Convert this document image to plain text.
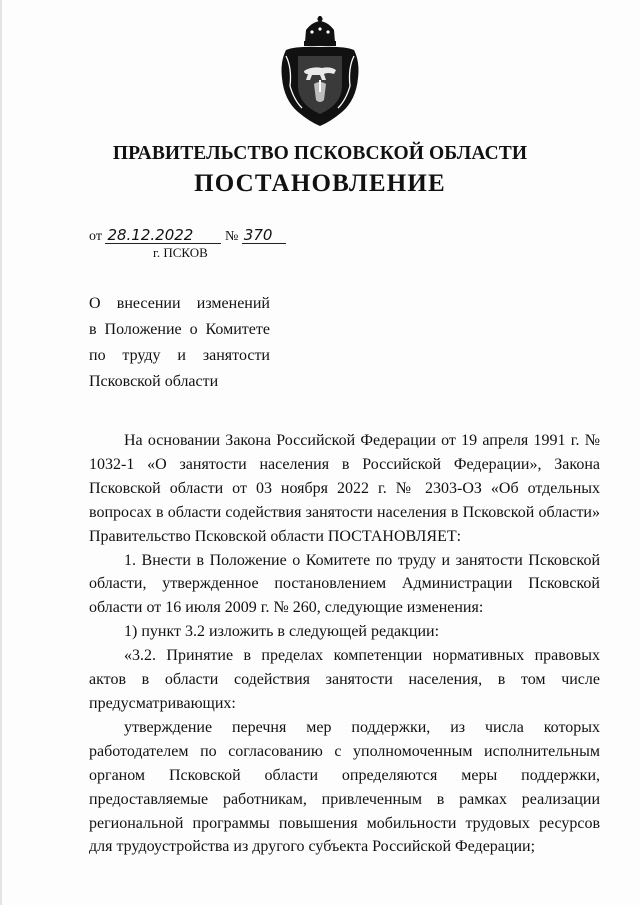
ПРАВИТЕЛЬСТВО ПСКОВСКОЙ ОБЛАСТИ
ПОСТАНОВЛЕНИЕ
от 28.12.2022 № 370
г. ПСКОВ

О внесении изменений

в Положение о Комитете

по труду и занятости

Псковской области

На основании Закона Российской Федерации от 19 апреля 1991 г. № 1032-1 «О занятости населения в Российской Федерации», Закона Псковской области от 03 ноября 2022 г. № 2303-ОЗ «Об отдельных вопросах в области содействия занятости населения в Псковской области» Правительство Псковской области ПОСТАНОВЛЯЕТ:

1. Внести в Положение о Комитете по труду и занятости Псковской области, утвержденное постановлением Администрации Псковской области от 16 июля 2009 г. № 260, следующие изменения:

1) пункт 3.2 изложить в следующей редакции:

«3.2. Принятие в пределах компетенции нормативных правовых актов в области содействия занятости населения, в том числе предусматривающих:

утверждение перечня мер поддержки, из числа которых работодателем по согласованию с уполномоченным исполнительным органом Псковской области определяются меры поддержки, предоставляемые работникам, привлеченным в рамках реализации региональной программы повышения мобильности трудовых ресурсов для трудоустройства из другого субъекта Российской Федерации;
